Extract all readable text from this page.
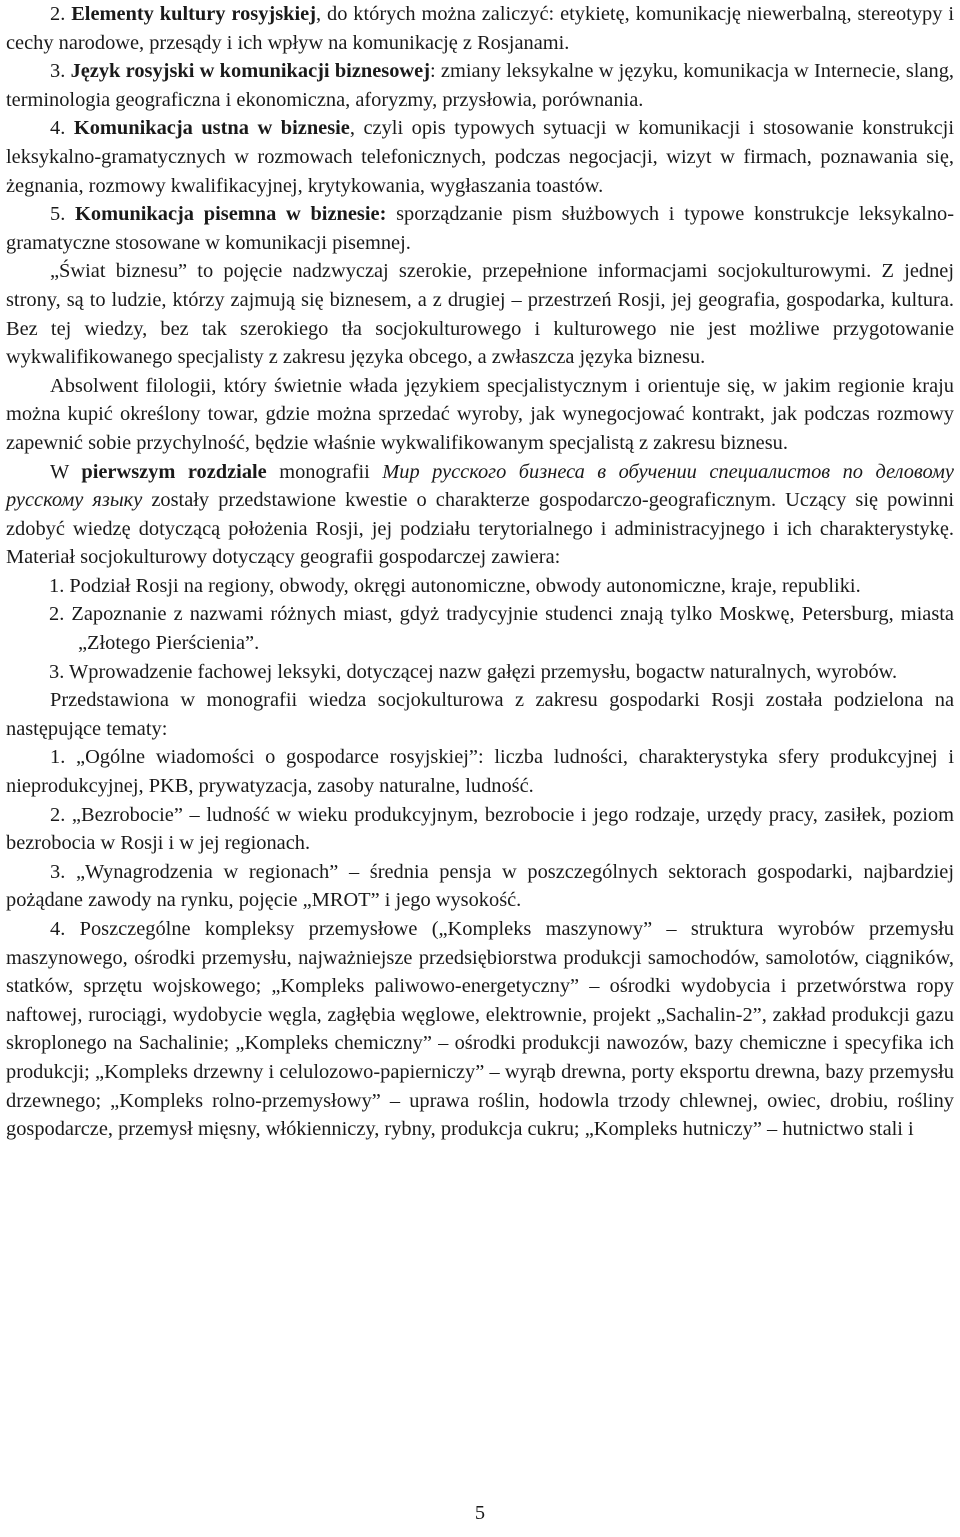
2. Elementy kultury rosyjskiej, do których można zaliczyć: etykietę, komunikację niewerbalną, stereotypy i cechy narodowe, przesądy i ich wpływ na komunikację z Rosjanami.

3. Język rosyjski w komunikacji biznesowej: zmiany leksykalne w języku, komunikacja w Internecie, slang, terminologia geograficzna i ekonomiczna, aforyzmy, przysłowia, porównania.

4. Komunikacja ustna w biznesie, czyli opis typowych sytuacji w komunikacji i stosowanie konstrukcji leksykalno-gramatycznych w rozmowach telefonicznych, podczas negocjacji, wizyt w firmach, poznawania się, żegnania, rozmowy kwalifikacyjnej, krytykowania, wygłaszania toastów.

5. Komunikacja pisemna w biznesie: sporządzanie pism służbowych i typowe konstrukcje leksykalno-gramatyczne stosowane w komunikacji pisemnej.

„Świat biznesu” to pojęcie nadzwyczaj szerokie, przepełnione informacjami socjokulturowymi. Z jednej strony, są to ludzie, którzy zajmują się biznesem, a z drugiej – przestrzeń Rosji, jej geografia, gospodarka, kultura. Bez tej wiedzy, bez tak szerokiego tła socjokulturowego i kulturowego nie jest możliwe przygotowanie wykwalifikowanego specjalisty z zakresu języka obcego, a zwłaszcza języka biznesu.

Absolwent filologii, który świetnie włada językiem specjalistycznym i orientuje się, w jakim regionie kraju można kupić określony towar, gdzie można sprzedać wyroby, jak wynegocjować kontrakt, jak podczas rozmowy zapewnić sobie przychylność, będzie właśnie wykwalifikowanym specjalistą z zakresu biznesu.

W pierwszym rozdziale monografii Мир русского бизнеса в обучении специалистов по деловому русскому языку zostały przedstawione kwestie o charakterze gospodarczo-geograficznym. Uczący się powinni zdobyć wiedzę dotyczącą położenia Rosji, jej podziału terytorialnego i administracyjnego i ich charakterystykę. Materiał socjokulturowy dotyczący geografii gospodarczej zawiera:

1. Podział Rosji na regiony, obwody, okręgi autonomiczne, obwody autonomiczne, kraje, republiki.

2. Zapoznanie z nazwami różnych miast, gdyż tradycyjnie studenci znają tylko Moskwę, Petersburg, miasta „Złotego Pierścienia”.

3. Wprowadzenie fachowej leksyki, dotyczącej nazw gałęzi przemysłu, bogactw naturalnych, wyrobów.

Przedstawiona w monografii wiedza socjokulturowa z zakresu gospodarki Rosji została podzielona na następujące tematy:

1. „Ogólne wiadomości o gospodarce rosyjskiej”: liczba ludności, charakterystyka sfery produkcyjnej i nieprodukcyjnej, PKB, prywatyzacja, zasoby naturalne, ludność.

2. „Bezrobocie” – ludność w wieku produkcyjnym, bezrobocie i jego rodzaje, urzędy pracy, zasiłek, poziom bezrobocia w Rosji i w jej regionach.

3. „Wynagrodzenia w regionach” – średnia pensja w poszczególnych sektorach gospodarki, najbardziej pożądane zawody na rynku, pojęcie „MROT” i jego wysokość.

4. Poszczególne kompleksy przemysłowe („Kompleks maszynowy” – struktura wyrobów przemysłu maszynowego, ośrodki przemysłu, najważniejsze przedsiębiorstwa produkcji samochodów, samolotów, ciągników, statków, sprzętu wojskowego; „Kompleks paliwowo-energetyczny” – ośrodki wydobycia i przetwórstwa ropy naftowej, rurociągi, wydobycie węgla, zagłębia węglowe, elektrownie, projekt „Sachalin-2”, zakład produkcji gazu skroplonego na Sachalinie; „Kompleks chemiczny” – ośrodki produkcji nawozów, bazy chemiczne i specyfika ich produkcji; „Kompleks drzewny i celulozowo-papierniczy” – wyrąb drewna, porty eksportu drewna, bazy przemysłu drzewnego; „Kompleks rolno-przemysłowy” – uprawa roślin, hodowla trzody chlewnej, owiec, drobiu, rośliny gospodarcze, przemysł mięsny, włókienniczy, rybny, produkcja cukru; „Kompleks hutniczy” – hutnictwo stali i

5
